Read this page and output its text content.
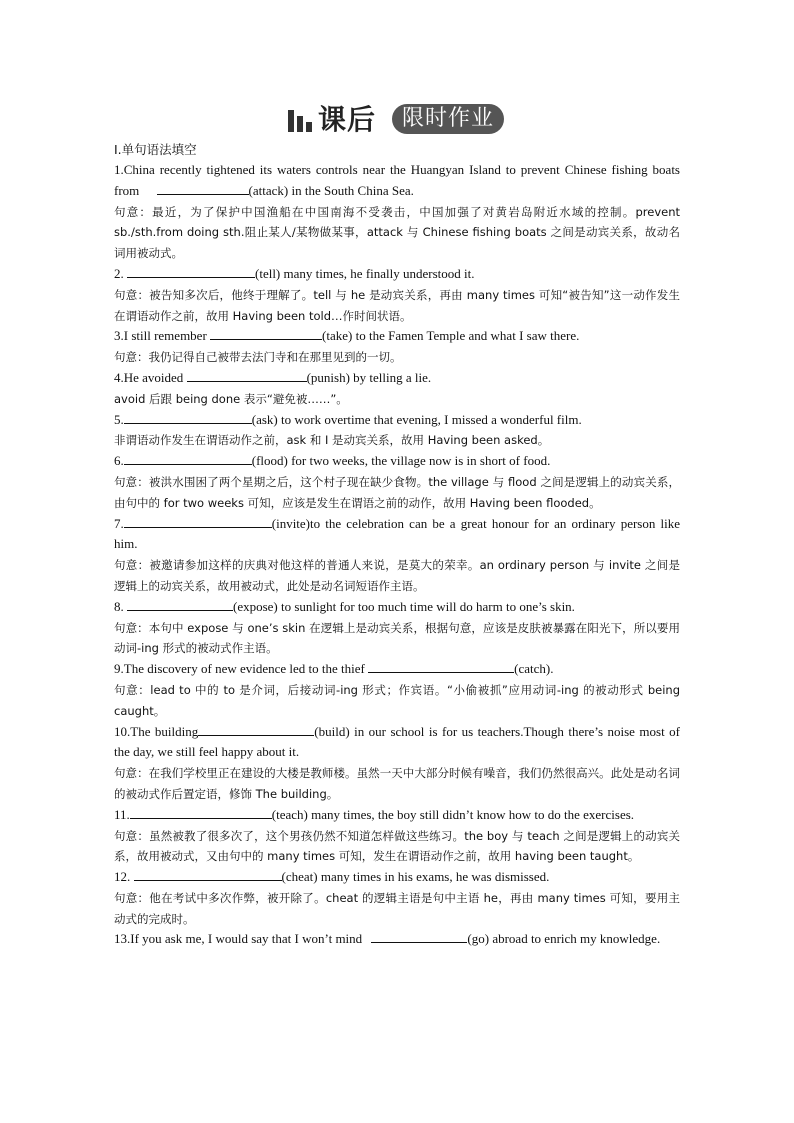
课后	限时作业

Ⅰ.单句语法填空

1.China recently tightened its waters controls near the Huangyan Island to prevent Chinese fishing boats from	(attack) in the South China Sea.

句意：最近，为了保护中国渔船在中国南海不受袭击，中国加强了对黄岩岛附近水域的控制。prevent sb./sth.from doing sth.阻止某人/某物做某事，attack 与 Chinese fishing boats 之间是动宾关系，故动名词用被动式。

2.	(tell) many times, he finally understood it.

句意：被告知多次后，他终于理解了。tell 与 he 是动宾关系，再由 many times 可知“被告知”这一动作发生在谓语动作之前，故用 Having been told…作时间状语。

3.I still remember	(take) to the Famen Temple and what I saw there.

句意：我仍记得自己被带去法门寺和在那里见到的一切。

4.He avoided	(punish) by telling a lie.

avoid 后跟 being done 表示“避免被……”。

5.	(ask) to work overtime that evening, I missed a wonderful film.

非谓语动作发生在谓语动作之前，ask 和 I 是动宾关系，故用 Having been asked。

6.	(flood) for two weeks, the village now is in short of food.

句意：被洪水围困了两个星期之后，这个村子现在缺少食物。the village 与 flood 之间是逻辑上的动宾关系，由句中的 for two weeks 可知，应该是发生在谓语之前的动作，故用 Having been flooded。

7.	(invite)to the celebration can be a great honour for an ordinary person like him.

句意：被邀请参加这样的庆典对他这样的普通人来说，是莫大的荣幸。an ordinary person 与 invite 之间是逻辑上的动宾关系，故用被动式，此处是动名词短语作主语。

8.	(expose) to sunlight for too much time will do harm to one’s skin.

句意：本句中 expose 与 one’s skin 在逻辑上是动宾关系，根据句意，应该是皮肤被暴露在阳光下，所以要用动词-ing 形式的被动式作主语。

9.The discovery of new evidence led to the thief	(catch).

句意：lead to 中的 to 是介词，后接动词-ing 形式；作宾语。“小偷被抓”应用动词-ing 的被动形式 being caught。

10.The building	(build) in our school is for us teachers.Though there’s noise most of the day, we still feel happy about it.

句意：在我们学校里正在建设的大楼是教师楼。虽然一天中大部分时候有噪音，我们仍然很高兴。此处是动名词的被动式作后置定语，修饰 The building。

11.	(teach) many times, the boy still didn’t know how to do the exercises.

句意：虽然被教了很多次了，这个男孩仍然不知道怎样做这些练习。the boy 与 teach 之间是逻辑上的动宾关系，故用被动式，又由句中的 many times 可知，发生在谓语动作之前，故用 having been taught。

12.	(cheat) many times in his exams, he was dismissed.

句意：他在考试中多次作弊，被开除了。cheat 的逻辑主语是句中主语 he，再由 many times 可知，要用主动式的完成时。

13.If you ask me, I would say that I won’t mind	(go) abroad to enrich my knowledge.
